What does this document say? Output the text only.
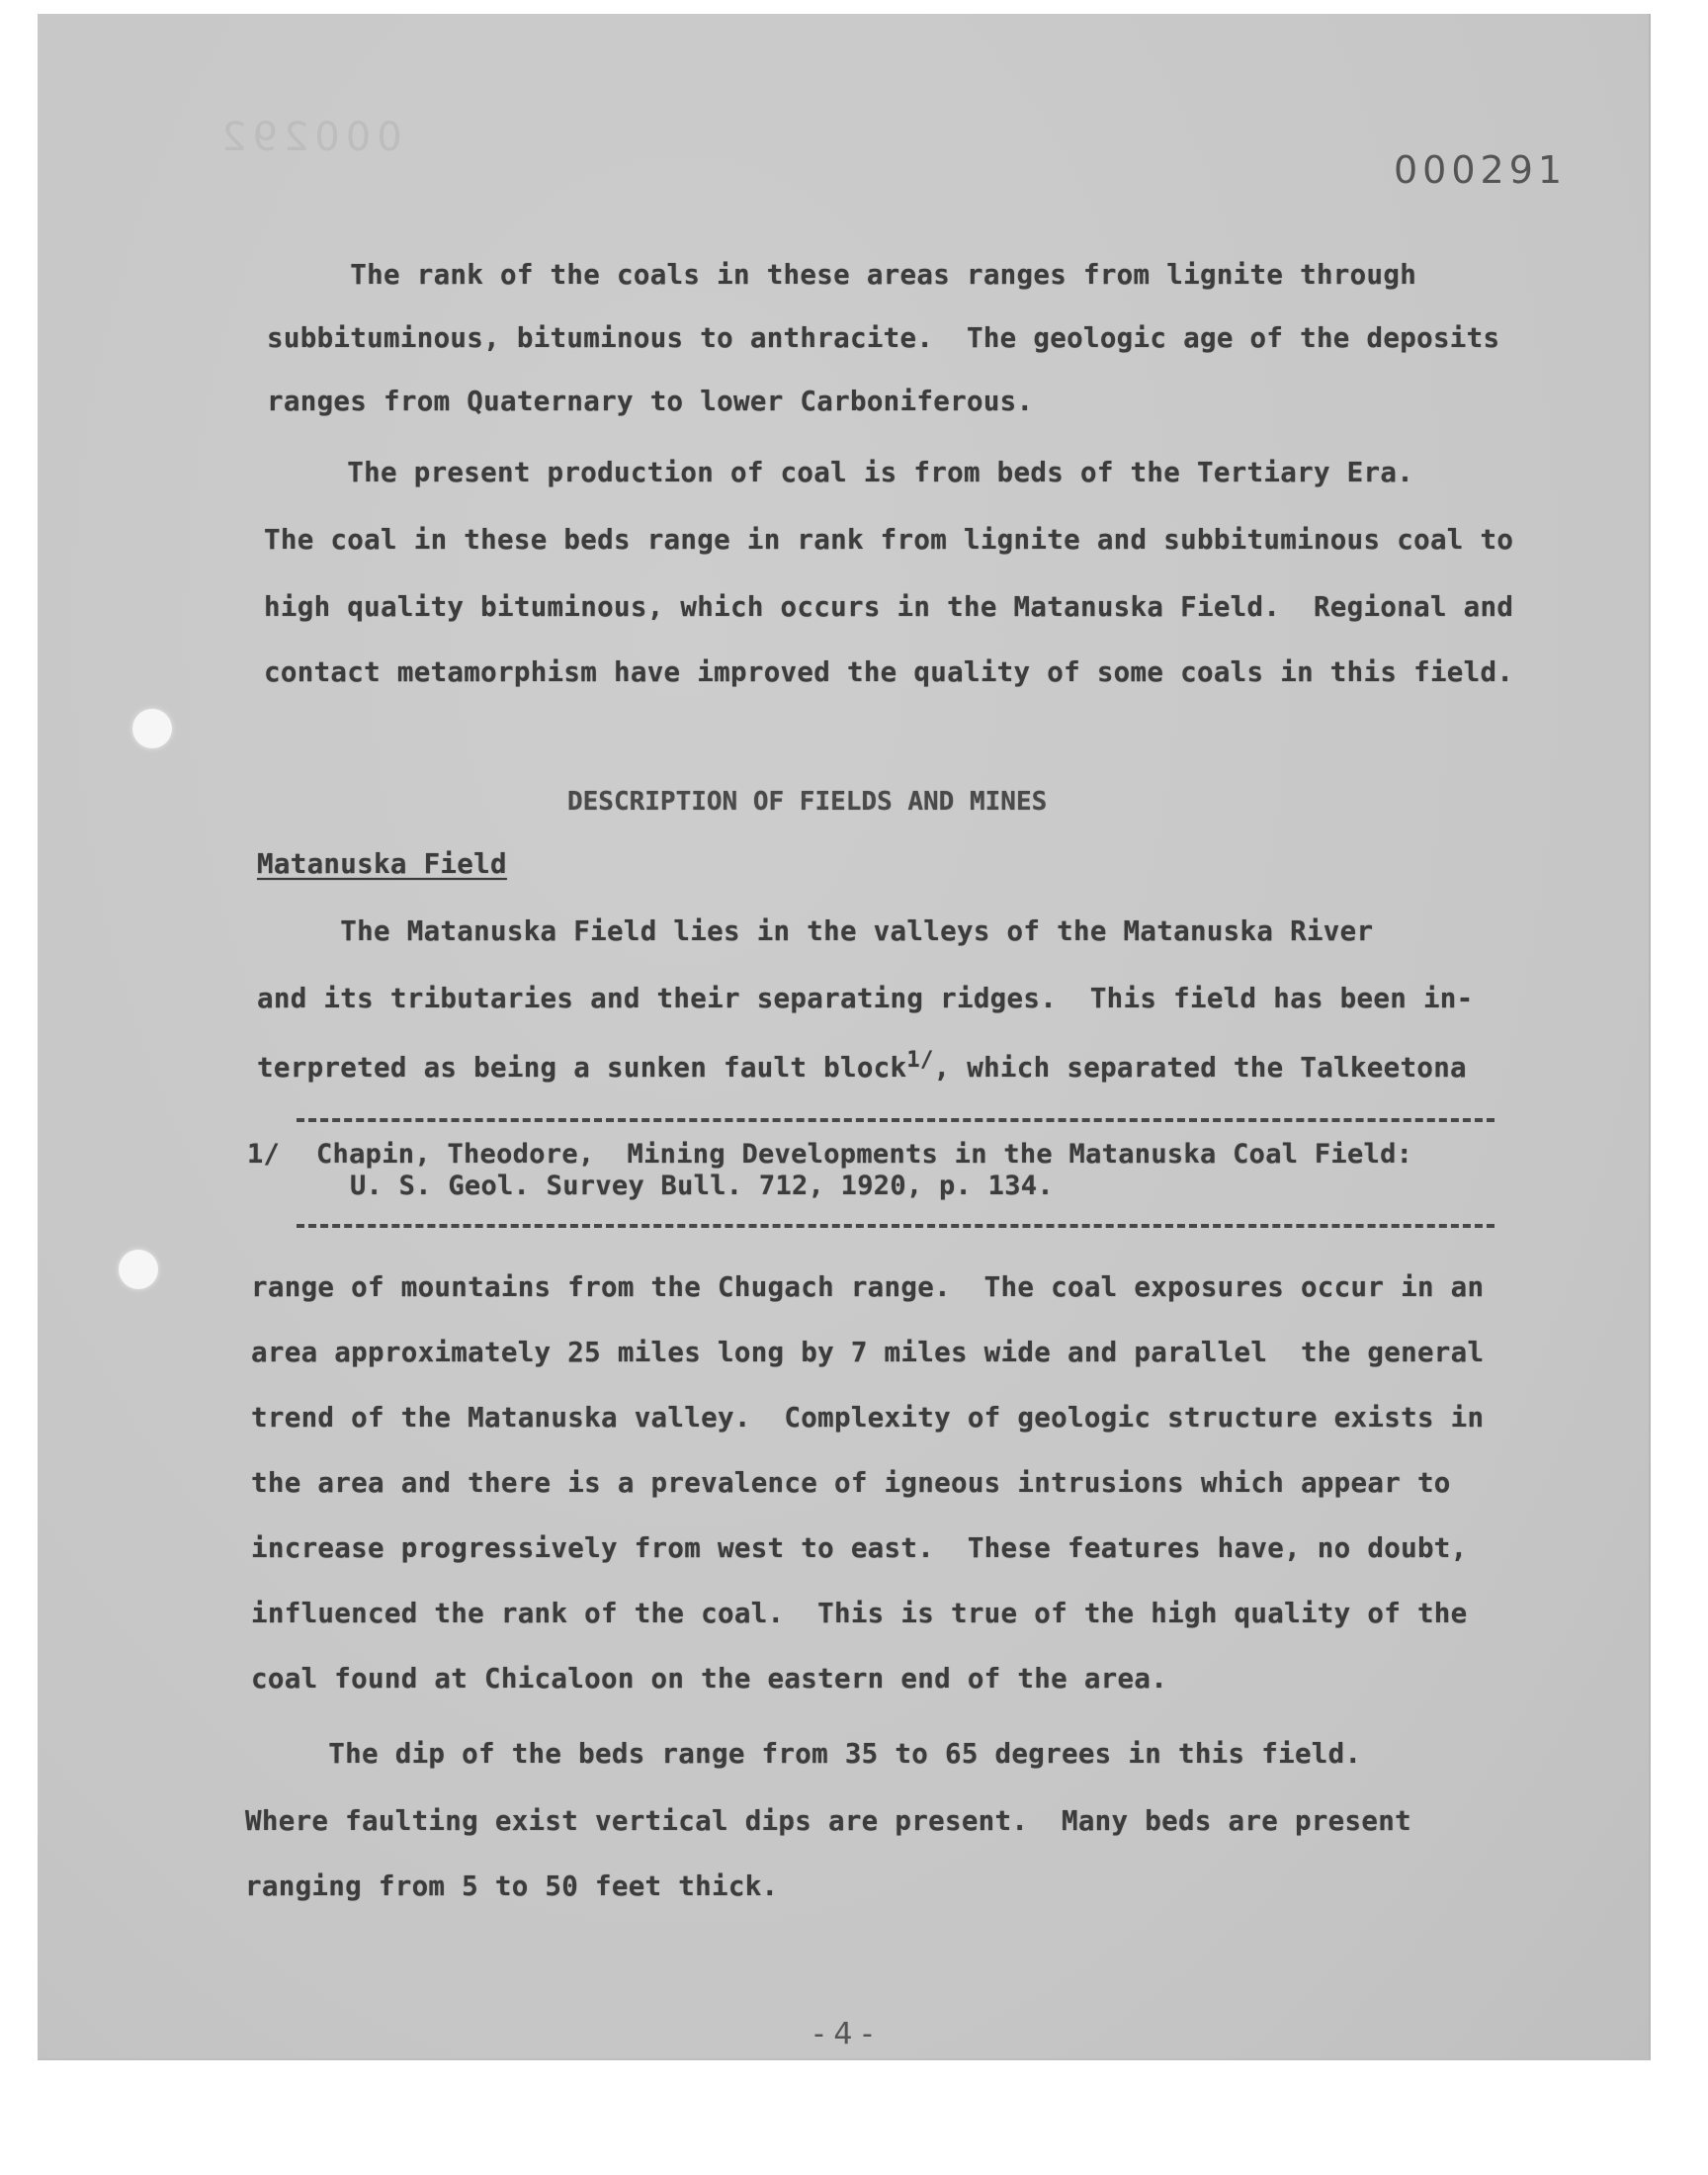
000292
000291
The rank of the coals in these areas ranges from lignite through
subbituminous, bituminous to anthracite.  The geologic age of the deposits
ranges from Quaternary to lower Carboniferous.
The present production of coal is from beds of the Tertiary Era.
The coal in these beds range in rank from lignite and subbituminous coal to
high quality bituminous, which occurs in the Matanuska Field.  Regional and
contact metamorphism have improved the quality of some coals in this field.
DESCRIPTION OF FIELDS AND MINES
Matanuska Field
The Matanuska Field lies in the valleys of the Matanuska River
and its tributaries and their separating ridges.  This field has been in-
terpreted as being a sunken fault block$^{1/}$, which separated the Talkeetona
1/ Chapin, Theodore,  Mining Developments in the Matanuska Coal Field:
U. S. Geol. Survey Bull. 712, 1920, p. 134.
range of mountains from the Chugach range.  The coal exposures occur in an
area approximately 25 miles long by 7 miles wide and parallel  the general
trend of the Matanuska valley.  Complexity of geologic structure exists in
the area and there is a prevalence of igneous intrusions which appear to
increase progressively from west to east.  These features have, no doubt,
influenced the rank of the coal.  This is true of the high quality of the
coal found at Chicaloon on the eastern end of the area.
The dip of the beds range from 35 to 65 degrees in this field.
Where faulting exist vertical dips are present.  Many beds are present
ranging from 5 to 50 feet thick.
- 4 -
